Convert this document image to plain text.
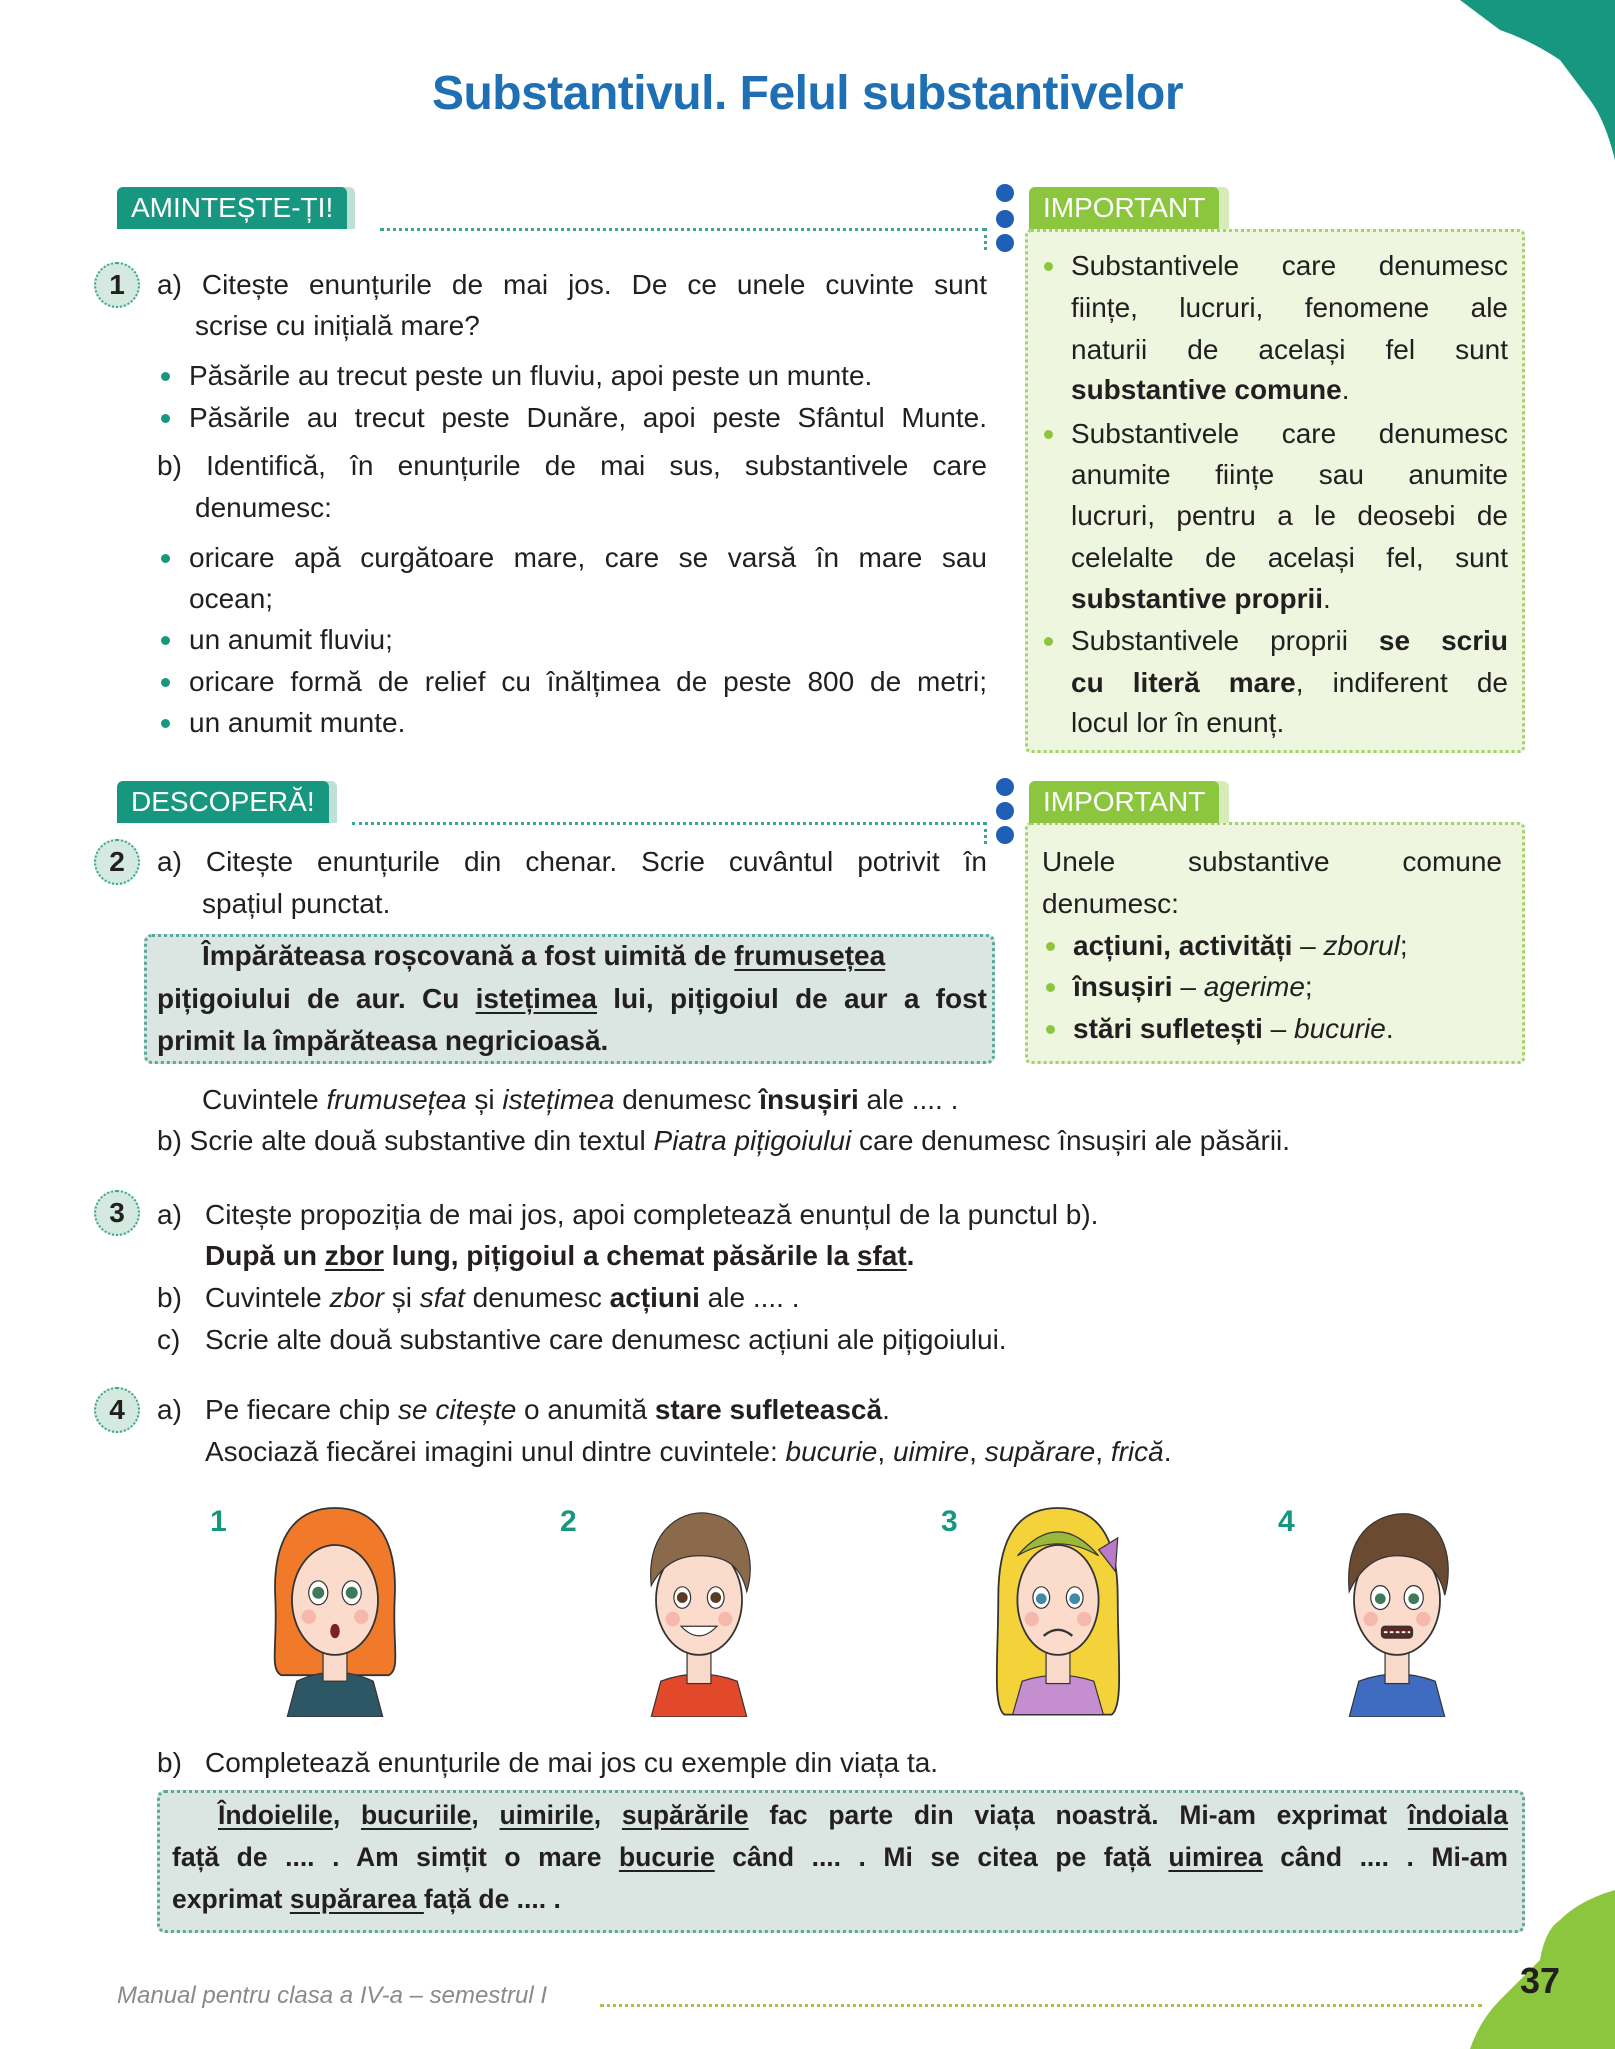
Substantivul. Felul substantivelor
AMINTEȘTE-ȚI!
1	a) Citește enunțurile de mai jos. De ce unele cuvinte sunt
scrise cu inițială mare?
Păsările au trecut peste un fluviu, apoi peste un munte.
Păsările au trecut peste Dunăre, apoi peste Sfântul Munte.
b) Identifică, în enunțurile de mai sus, substantivele care
denumesc:
oricare apă curgătoare mare, care se varsă în mare sau
ocean;
un anumit fluviu;
oricare formă de relief cu înălțimea de peste 800 de metri;
un anumit munte.
IMPORTANT
Substantivele care denumesc
ființe, lucruri, fenomene ale
naturii de același fel sunt
substantive comune.
Substantivele care denumesc
anumite ființe sau anumite
lucruri, pentru a le deosebi de
celelalte de același fel, sunt
substantive proprii.
Substantivele proprii se scriu
cu literă mare, indiferent de
locul lor în enunț.
DESCOPERĂ!
2	a) Citește enunțurile din chenar. Scrie cuvântul potrivit în
spațiul punctat.
Împărăteasa roșcovană a fost uimită de frumusețea
pițigoiului de aur. Cu istețimea lui, pițigoiul de aur a fost
primit la împărăteasa negricioasă.
Cuvintele frumusețea și istețimea denumesc însușiri ale .... .
b) Scrie alte două substantive din textul Piatra pițigoiului care denumesc însușiri ale păsării.
IMPORTANT
Unele substantive comune
denumesc:
acțiuni, activități – zborul;
însușiri – agerime;
stări sufletești – bucurie.
3	a) Citește propoziția de mai jos, apoi completează enunțul de la punctul b).
După un zbor lung, pițigoiul a chemat păsările la sfat.
b) Cuvintele zbor și sfat denumesc acțiuni ale .... .
c) Scrie alte două substantive care denumesc acțiuni ale pițigoiului.
4	a) Pe fiecare chip se citește o anumită stare sufletească.
Asociază fiecărei imagini unul dintre cuvintele: bucurie, uimire, supărare, frică.
1	2	3	4
b) Completează enunțurile de mai jos cu exemple din viața ta.
Îndoielile, bucuriile, uimirile, supărările fac parte din viața noastră. Mi-am exprimat îndoiala
față de .... . Am simțit o mare bucurie când .... . Mi se citea pe față uimirea când .... . Mi-am
exprimat supărarea față de .... .
Manual pentru clasa a IV-a – semestrul I	37
